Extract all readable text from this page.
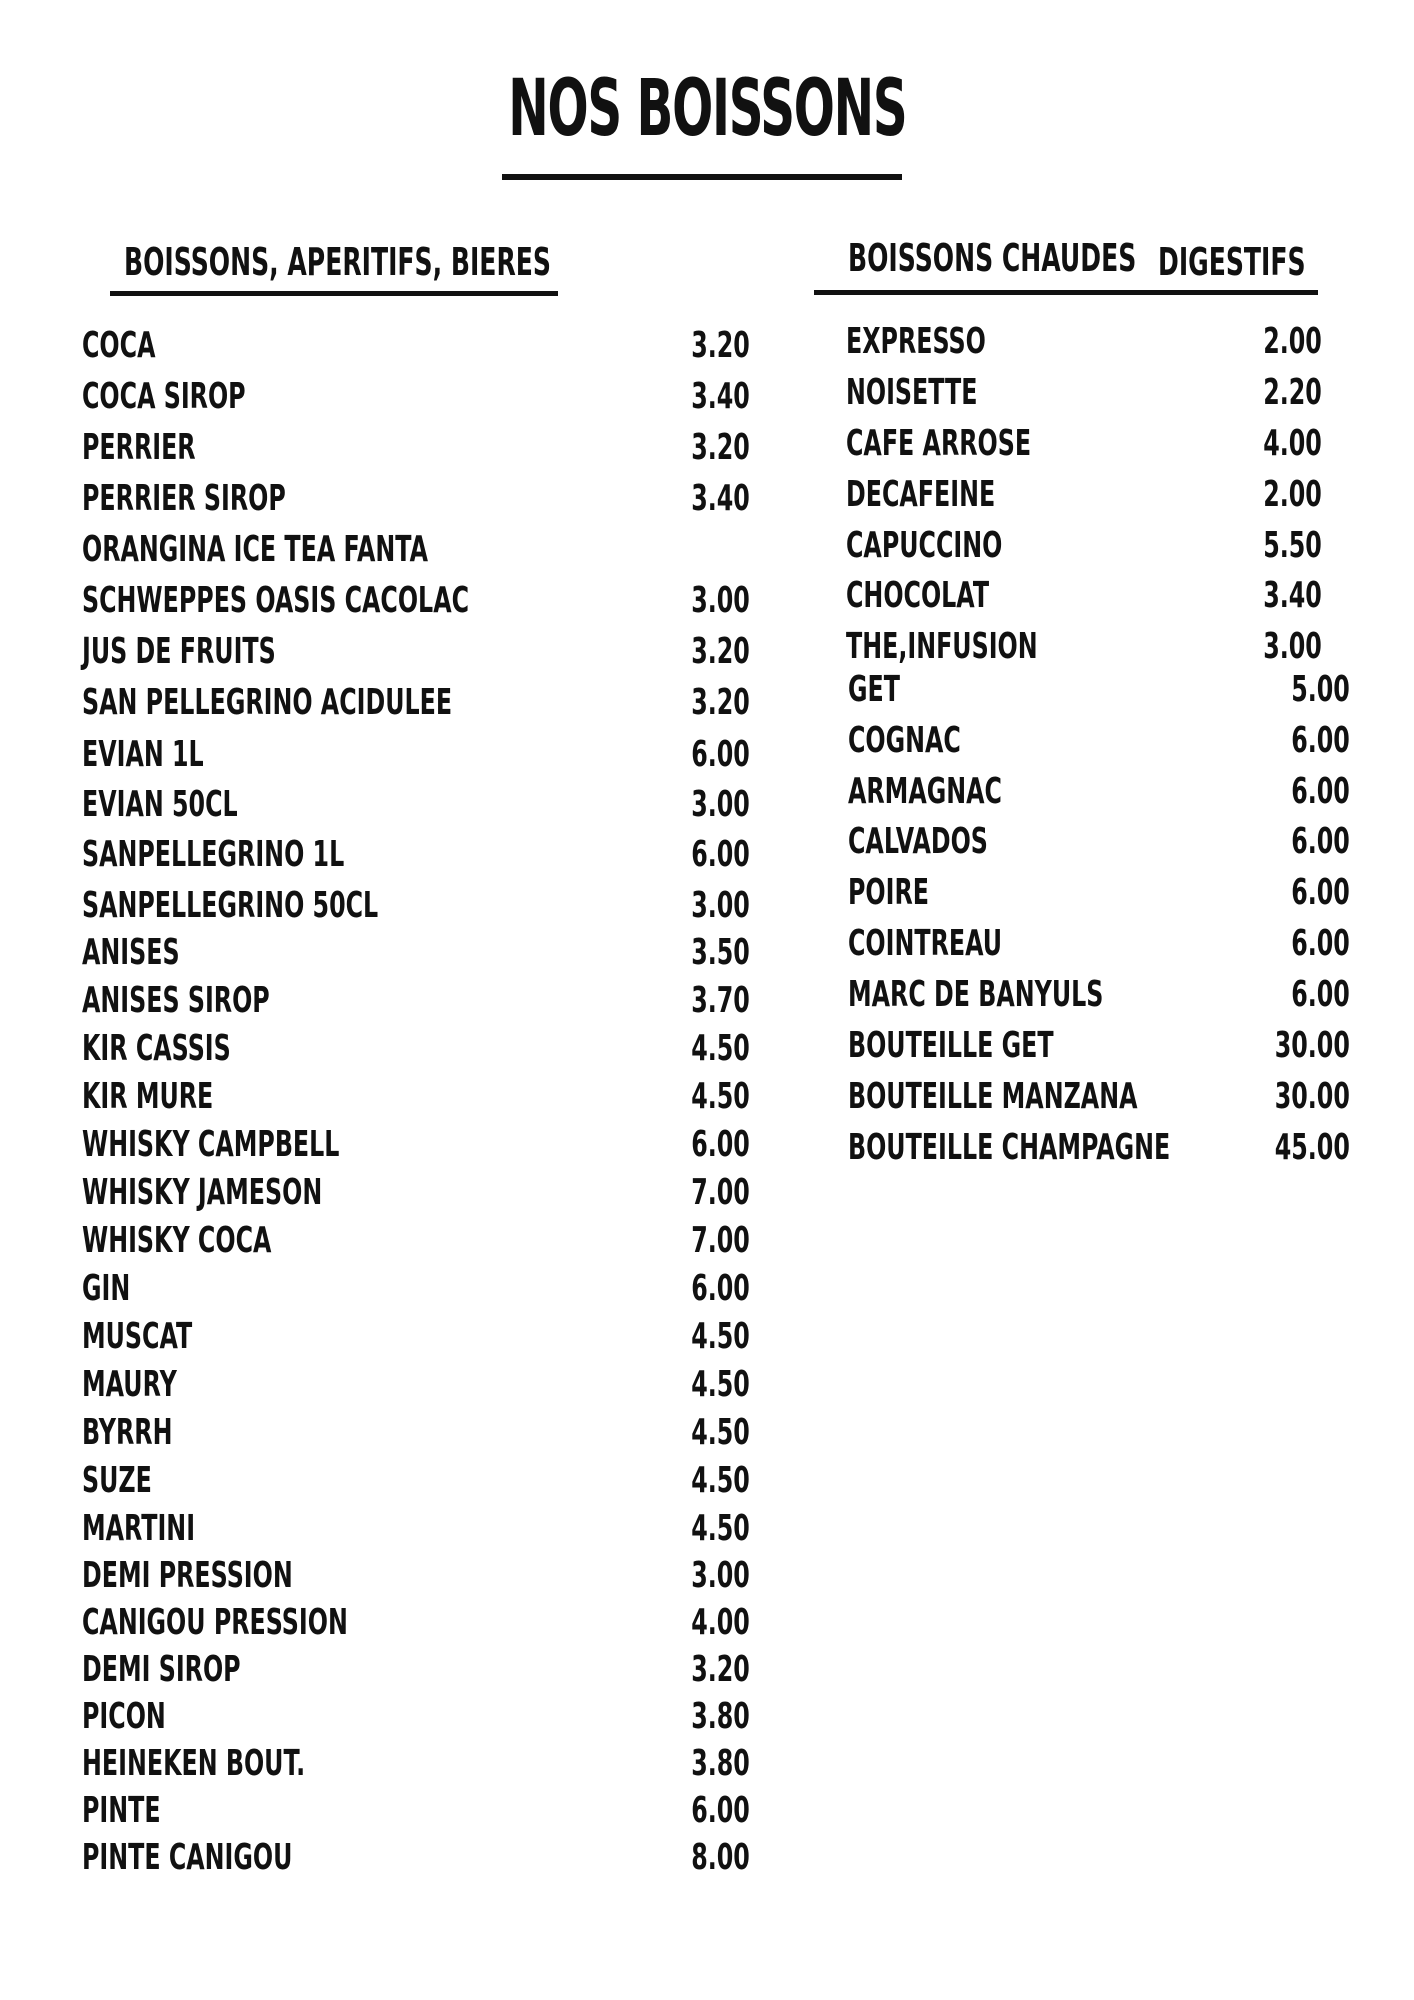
NOS BOISSONS
BOISSONS, APERITIFS, BIERES	BOISSONS CHAUDES DIGESTIFS
COCA	3.20
COCA SIROP	3.40
PERRIER	3.20
PERRIER SIROP	3.40
ORANGINA ICE TEA FANTA
SCHWEPPES OASIS CACOLAC	3.00
JUS DE FRUITS	3.20
SAN PELLEGRINO ACIDULEE	3.20
EVIAN 1L	6.00
EVIAN 50CL	3.00
SANPELLEGRINO 1L	6.00
SANPELLEGRINO 50CL	3.00
ANISES	3.50
ANISES SIROP	3.70
KIR CASSIS	4.50
KIR MURE	4.50
WHISKY CAMPBELL	6.00
WHISKY JAMESON	7.00
WHISKY COCA	7.00
GIN	6.00
MUSCAT	4.50
MAURY	4.50
BYRRH	4.50
SUZE	4.50
MARTINI	4.50
DEMI PRESSION	3.00
CANIGOU PRESSION	4.00
DEMI SIROP	3.20
PICON	3.80
HEINEKEN BOUT.	3.80
PINTE	6.00
PINTE CANIGOU	8.00
EXPRESSO	2.00
NOISETTE	2.20
CAFE ARROSE	4.00
DECAFEINE	2.00
CAPUCCINO	5.50
CHOCOLAT	3.40
THE,INFUSION	3.00
GET	5.00
COGNAC	6.00
ARMAGNAC	6.00
CALVADOS	6.00
POIRE	6.00
COINTREAU	6.00
MARC DE BANYULS	6.00
BOUTEILLE GET	30.00
BOUTEILLE MANZANA	30.00
BOUTEILLE CHAMPAGNE	45.00
